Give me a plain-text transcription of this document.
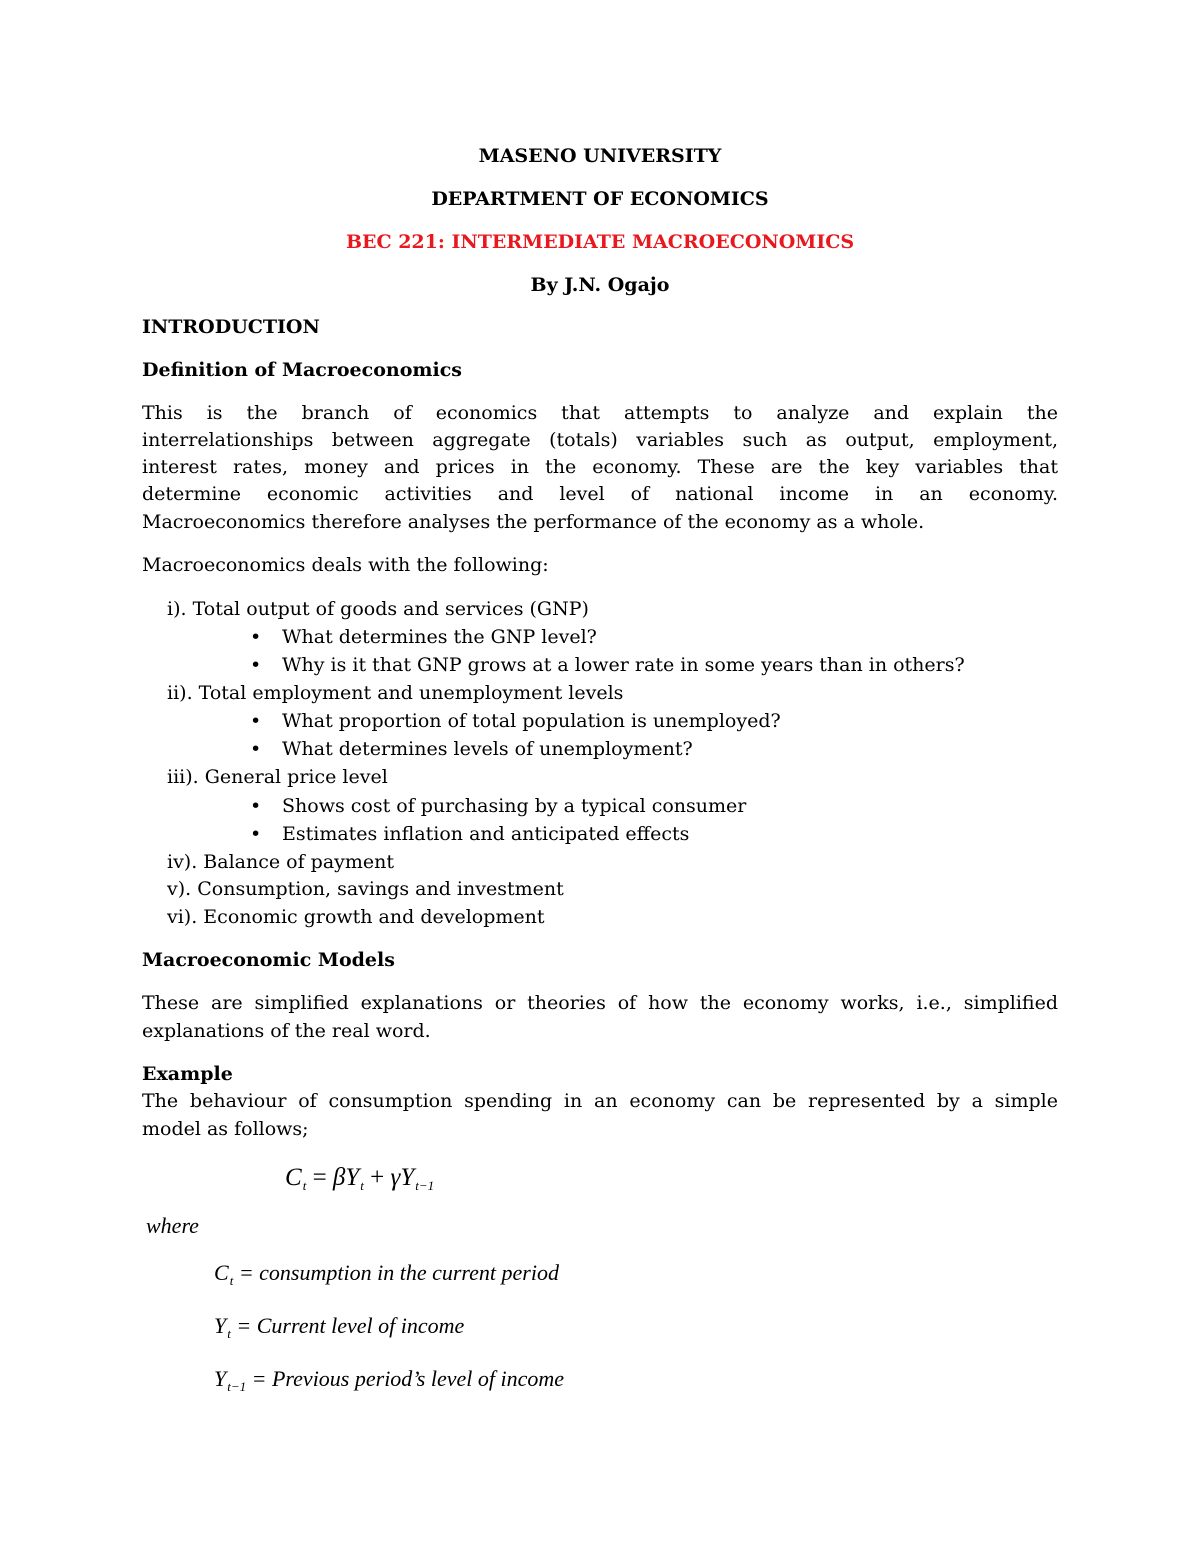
MASENO UNIVERSITY
DEPARTMENT OF ECONOMICS
BEC 221: INTERMEDIATE MACROECONOMICS
By J.N. Ogajo
INTRODUCTION
Definition of Macroeconomics
This is the branch of economics that attempts to analyze and explain the
interrelationships between aggregate (totals) variables such as output, employment,
interest rates, money and prices in the economy. These are the key variables that
determine economic activities and level of national income in an economy.
Macroeconomics therefore analyses the performance of the economy as a whole.
Macroeconomics deals with the following:
i). Total output of goods and services (GNP)
•	What determines the GNP level?
•	Why is it that GNP grows at a lower rate in some years than in others?
ii). Total employment and unemployment levels
•	What proportion of total population is unemployed?
•	What determines levels of unemployment?
iii). General price level
•	Shows cost of purchasing by a typical consumer
•	Estimates inflation and anticipated effects
iv). Balance of payment
v). Consumption, savings and investment
vi). Economic growth and development
Macroeconomic Models
These are simplified explanations or theories of how the economy works, i.e., simplified
explanations of the real word.
Example
The behaviour of consumption spending in an economy can be represented by a simple
model as follows;
$C_t = \beta Y_t + \gamma Y_{t-1}$
where
$C_t$ = consumption in the current period
$Y_t$ = Current level of income
$Y_{t-1}$ = Previous period’s level of income
